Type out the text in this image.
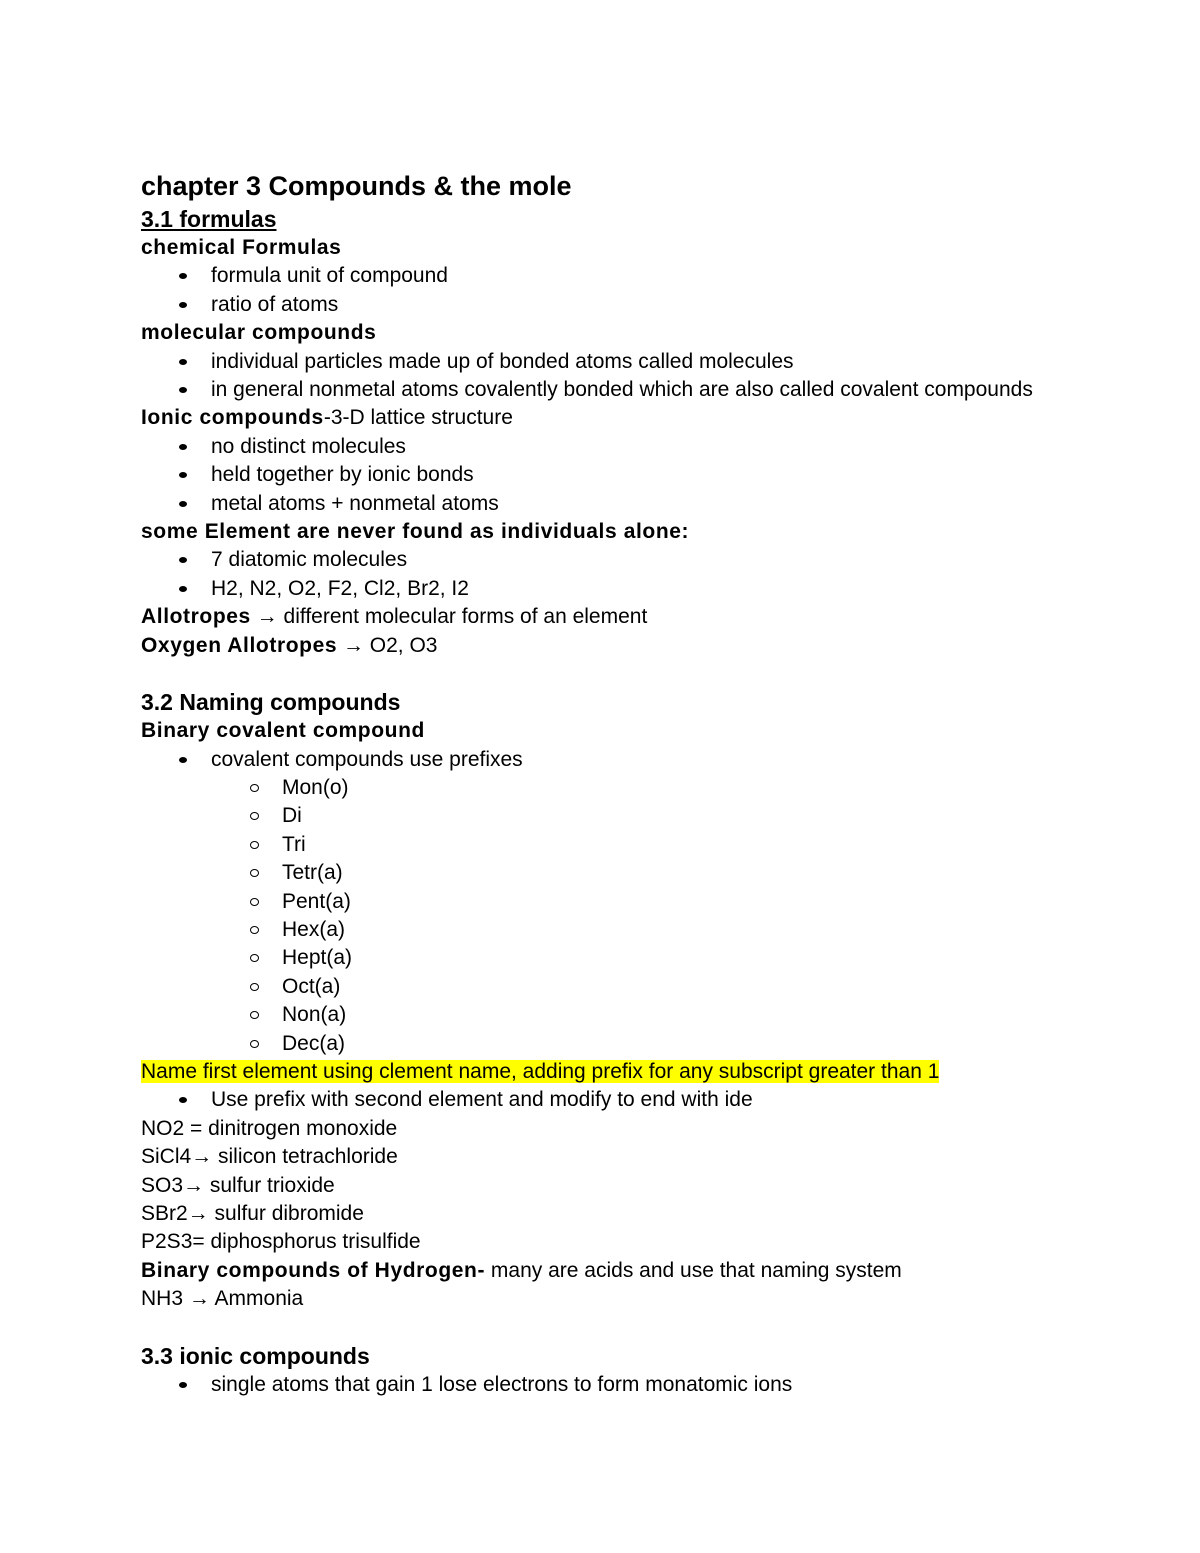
chapter 3 Compounds & the mole
3.1 formulas
chemical Formulas
formula unit of compound
ratio of atoms
molecular compounds
individual particles made up of bonded atoms called molecules
in general nonmetal atoms covalently bonded which are also called covalent compounds
Ionic compounds-3-D lattice structure
no distinct molecules
held together by ionic bonds
metal atoms + nonmetal atoms
some Element are never found as individuals alone:
7 diatomic molecules
H2, N2, O2, F2, Cl2, Br2, I2
Allotropes → different molecular forms of an element
Oxygen Allotropes → O2, O3
3.2 Naming compounds
Binary covalent compound
covalent compounds use prefixes
Mon(o)
Di
Tri
Tetr(a)
Pent(a)
Hex(a)
Hept(a)
Oct(a)
Non(a)
Dec(a)
Name first element using clement name, adding prefix for any subscript greater than 1
Use prefix with second element and modify to end with ide
NO2 = dinitrogen monoxide
SiCl4→ silicon tetrachloride
SO3→ sulfur trioxide
SBr2→ sulfur dibromide
P2S3= diphosphorus trisulfide
Binary compounds of Hydrogen- many are acids and use that naming system
NH3 → Ammonia
3.3 ionic compounds
single atoms that gain 1 lose electrons to form monatomic ions
